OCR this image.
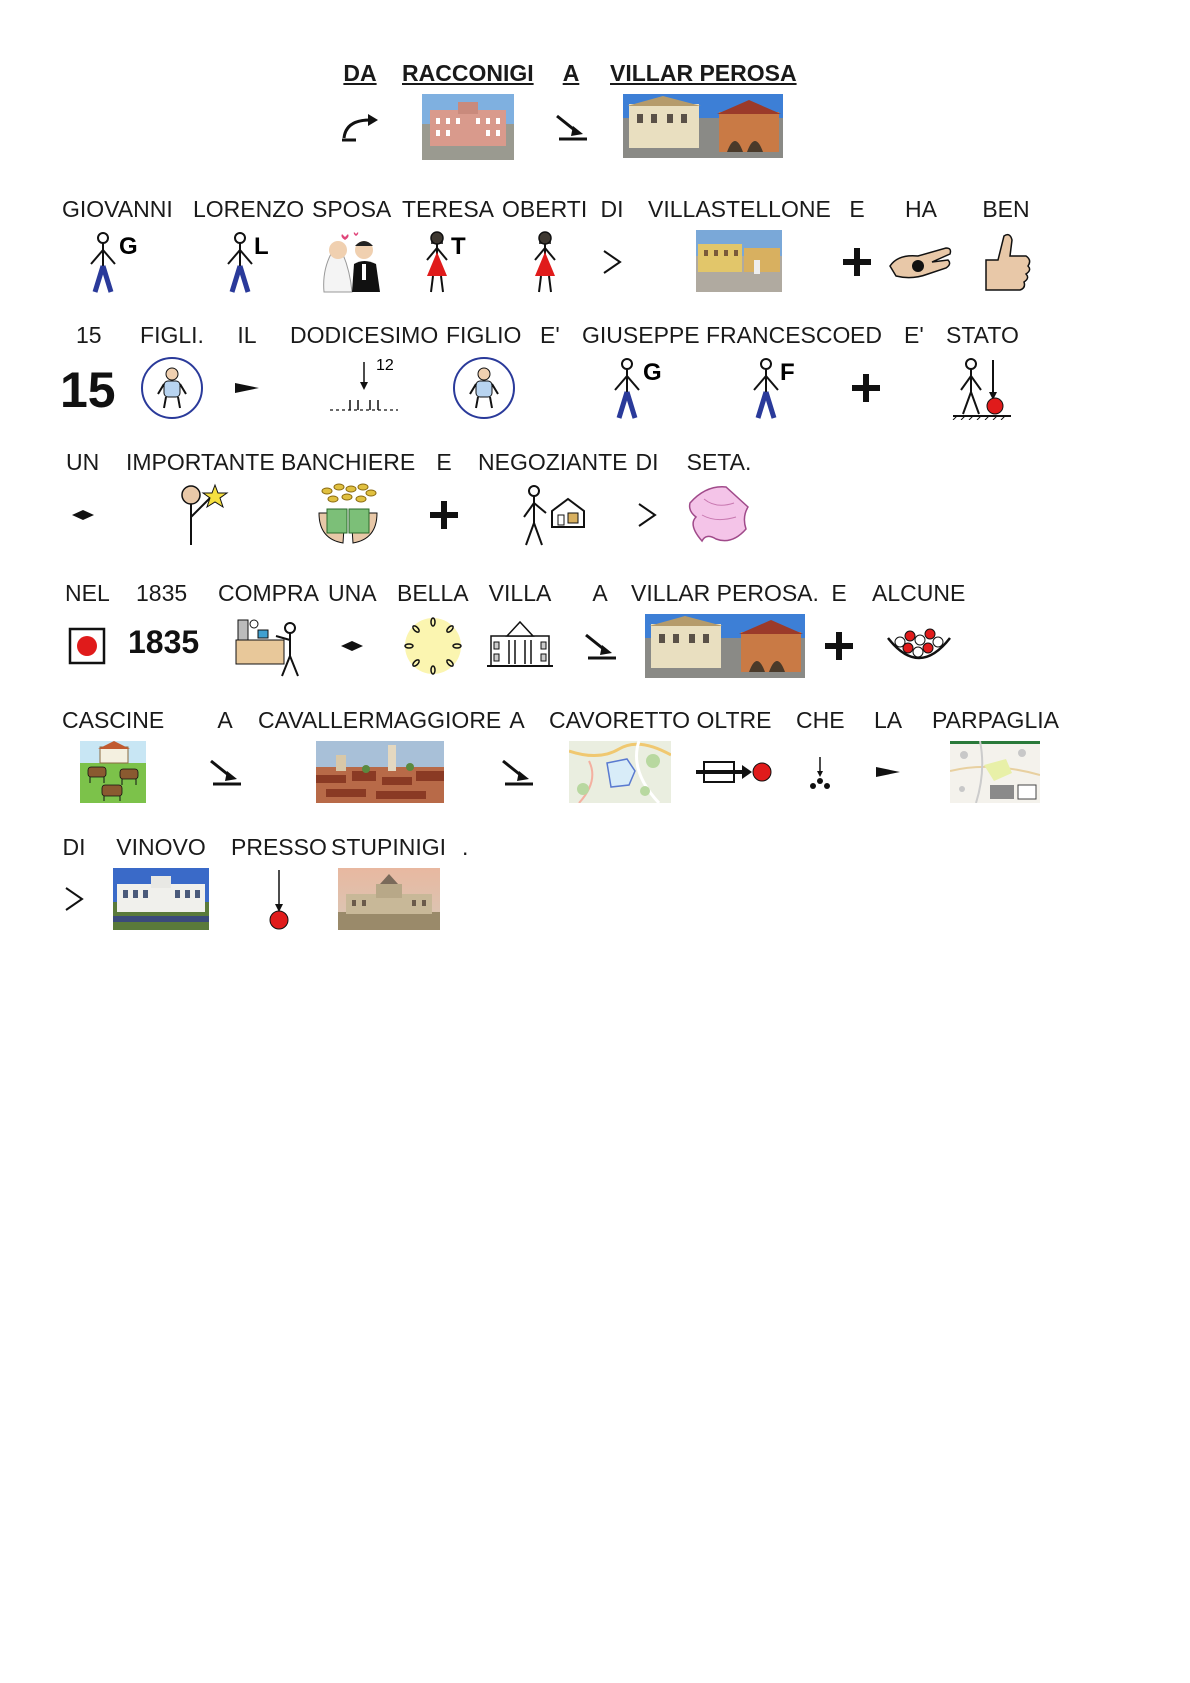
DA RACCONIGI A VILLAR PEROSA
GIOVANNI
G
LORENZO
L
SPOSA TERESA
T
OBERTI DI VILLASTELLONE E HA BEN
15
15
FIGLI. IL DODICESIMO
12
FIGLIO E' GIUSEPPE
G
FRANCESCO
F
ED E' STATO
UN IMPORTANTE BANCHIERE E NEGOZIANTE DI SETA.
NEL 1835
1835
COMPRA UNA BELLA VILLA A VILLAR PEROSA. E ALCUNE
CASCINE A CAVALLERMAGGIORE A CAVORETTO OLTRE CHE LA PARPAGLIA
DI VINOVO PRESSO STUPINIGI .
